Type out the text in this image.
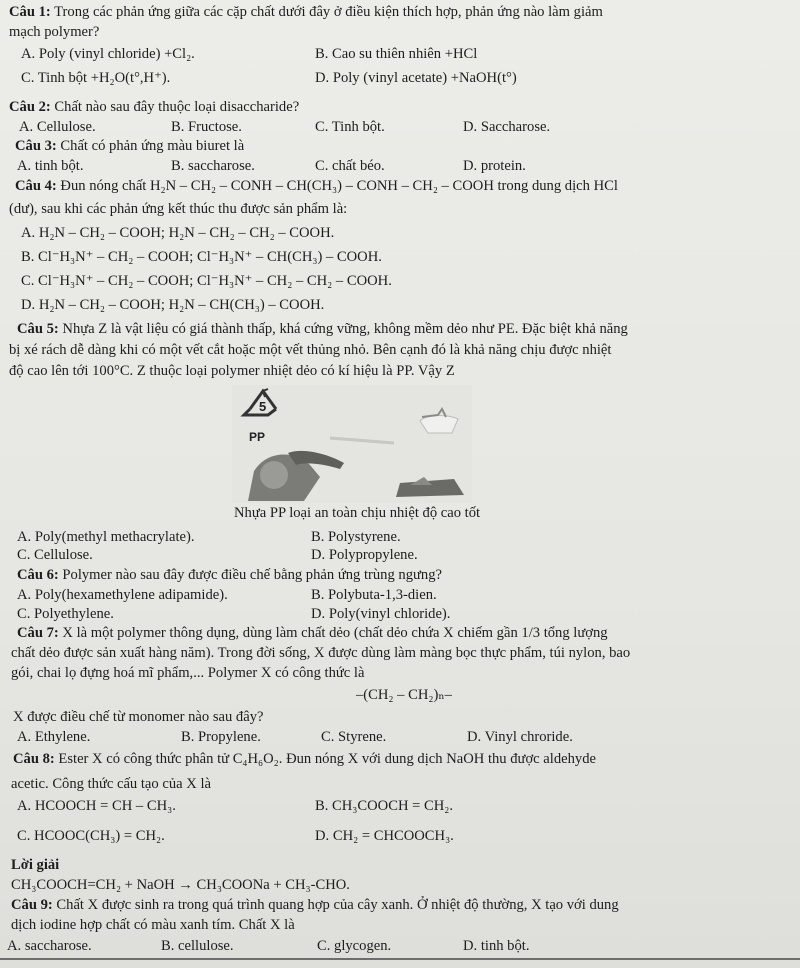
Câu 1: Trong các phản ứng giữa các cặp chất dưới đây ở điều kiện thích hợp, phản ứng nào làm giảm
mạch polymer?
A. Poly (vinyl chloride) +Cl₂.	B. Cao su thiên nhiên +HCl
C. Tinh bột +H₂O(t°,H⁺).	D. Poly (vinyl acetate) +NaOH(t°)
Câu 2: Chất nào sau đây thuộc loại disaccharide?
A. Cellulose.	B. Fructose.	C. Tinh bột.	D. Saccharose.
Câu 3: Chất có phản ứng màu biuret là
A. tinh bột.	B. saccharose.	C. chất béo.	D. protein.
Câu 4: Đun nóng chất H₂N – CH₂ – CONH – CH(CH₃) – CONH – CH₂ – COOH trong dung dịch HCl
(dư), sau khi các phản ứng kết thúc thu được sản phẩm là:
A. H₂N – CH₂ – COOH; H₂N – CH₂ – CH₂ – COOH.
B. Cl⁻H₃N⁺ – CH₂ – COOH; Cl⁻H₃N⁺ – CH(CH₃) – COOH.
C. Cl⁻H₃N⁺ – CH₂ – COOH; Cl⁻H₃N⁺ – CH₂ – CH₂ – COOH.
D. H₂N – CH₂ – COOH; H₂N – CH(CH₃) – COOH.
Câu 5: Nhựa Z là vật liệu có giá thành thấp, khá cứng vững, không mềm dẻo như PE. Đặc biệt khả năng
bị xé rách dễ dàng khi có một vết cắt hoặc một vết thủng nhỏ. Bên cạnh đó là khả năng chịu được nhiệt
độ cao lên tới 100°C. Z thuộc loại polymer nhiệt dẻo có kí hiệu là PP. Vậy Z
5
PP
Nhựa PP loại an toàn chịu nhiệt độ cao tốt
A. Poly(methyl methacrylate).	B. Polystyrene.
C. Cellulose.	D. Polypropylene.
Câu 6: Polymer nào sau đây được điều chế bằng phản ứng trùng ngưng?
A. Poly(hexamethylene adipamide).	B. Polybuta-1,3-dien.
C. Polyethylene.	D. Poly(vinyl chloride).
Câu 7: X là một polymer thông dụng, dùng làm chất dẻo (chất dẻo chứa X chiếm gần 1/3 tổng lượng
chất dẻo được sản xuất hàng năm). Trong đời sống, X được dùng làm màng bọc thực phẩm, túi nylon, bao
gói, chai lọ đựng hoá mĩ phẩm,... Polymer X có công thức là
–(CH₂ – CH₂)ₙ–
X được điều chế từ monomer nào sau đây?
A. Ethylene.	B. Propylene.	C. Styrene.	D. Vinyl chroride.
Câu 8: Ester X có công thức phân tử C₄H₆O₂. Đun nóng X với dung dịch NaOH thu được aldehyde
acetic. Công thức cấu tạo của X là
A. HCOOCH = CH – CH₃.	B. CH₃COOCH = CH₂.
C. HCOOC(CH₃) = CH₂.	D. CH₂ = CHCOOCH₃.
Lời giải
CH₃COOCH=CH₂ + NaOH → CH₃COONa + CH₃-CHO.
Câu 9: Chất X được sinh ra trong quá trình quang hợp của cây xanh. Ở nhiệt độ thường, X tạo với dung
dịch iodine hợp chất có màu xanh tím. Chất X là
A. saccharose.	B. cellulose.	C. glycogen.	D. tinh bột.
